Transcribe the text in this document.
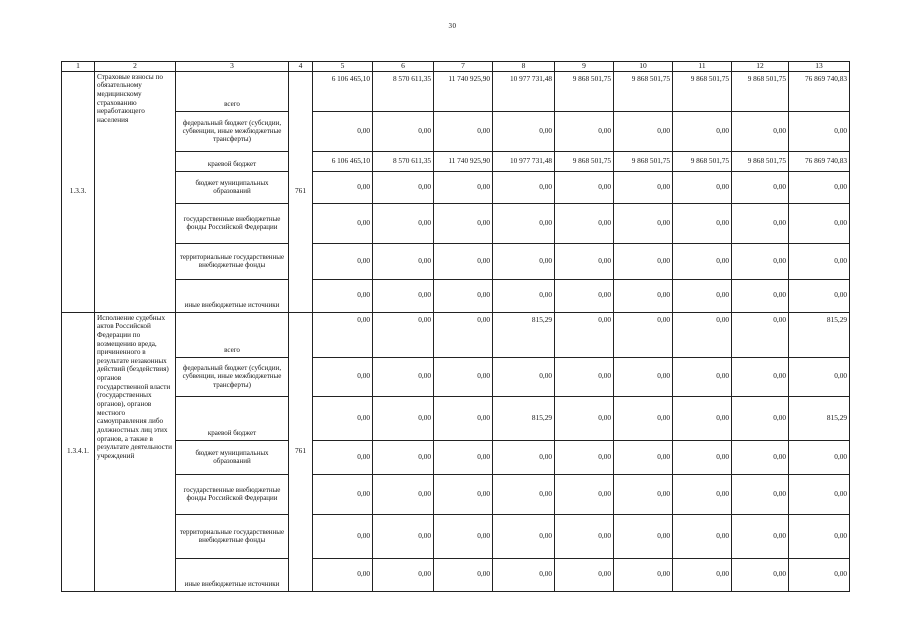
30
1	2	3	4	5	6	7	8	9	10	11	12	13
1.3.3.	Страховые взносы по обязательному медицинскому страхованию неработающего населения	всего	761	6 106 465,10	8 570 611,35	11 740 925,90	10 977 731,48	9 868 501,75	9 868 501,75	9 868 501,75	9 868 501,75	76 869 740,83
		федеральный бюджет (субсидии, субвенции, иные межбюджетные трансферты)		0,00	0,00	0,00	0,00	0,00	0,00	0,00	0,00	0,00
		краевой бюджет		6 106 465,10	8 570 611,35	11 740 925,90	10 977 731,48	9 868 501,75	9 868 501,75	9 868 501,75	9 868 501,75	76 869 740,83
		бюджет муниципальных образований		0,00	0,00	0,00	0,00	0,00	0,00	0,00	0,00	0,00
		государственные внебюджетные фонды Российской Федерации		0,00	0,00	0,00	0,00	0,00	0,00	0,00	0,00	0,00
		территориальные государственные внебюджетные фонды		0,00	0,00	0,00	0,00	0,00	0,00	0,00	0,00	0,00
		иные внебюджетные источники		0,00	0,00	0,00	0,00	0,00	0,00	0,00	0,00	0,00
1.3.4.1.	Исполнение судебных актов Российской Федерации по возмещению вреда, причиненного в результате незаконных действий (бездействия) органов государственной власти (государственных органов), органов местного самоуправления либо должностных лиц этих органов, а также в результате деятельности учреждений	всего	761	0,00	0,00	0,00	815,29	0,00	0,00	0,00	0,00	815,29
		федеральный бюджет (субсидии, субвенции, иные межбюджетные трансферты)		0,00	0,00	0,00	0,00	0,00	0,00	0,00	0,00	0,00
		краевой бюджет		0,00	0,00	0,00	815,29	0,00	0,00	0,00	0,00	815,29
		бюджет муниципальных образований		0,00	0,00	0,00	0,00	0,00	0,00	0,00	0,00	0,00
		государственные внебюджетные фонды Российской Федерации		0,00	0,00	0,00	0,00	0,00	0,00	0,00	0,00	0,00
		территориальные государственные внебюджетные фонды		0,00	0,00	0,00	0,00	0,00	0,00	0,00	0,00	0,00
		иные внебюджетные источники		0,00	0,00	0,00	0,00	0,00	0,00	0,00	0,00	0,00
